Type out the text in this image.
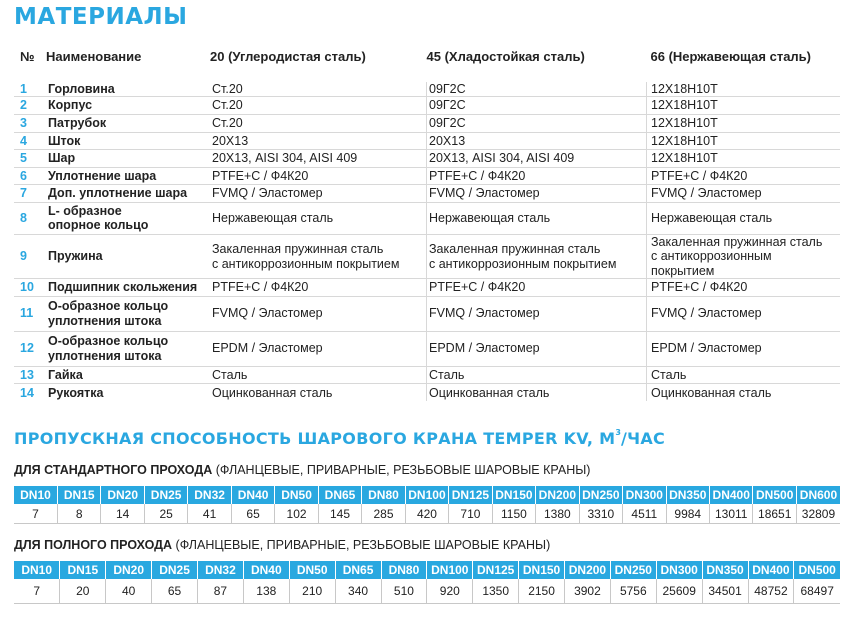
МАТЕРИАЛЫ
№	Наименование	20 (Углеродистая сталь)	45 (Хладостойкая сталь)	66 (Нержавеющая сталь)
1	Горловина	Ст.20	09Г2С	12Х18Н10Т
2	Корпус	Ст.20	09Г2С	12Х18Н10Т
3	Патрубок	Ст.20	09Г2С	12Х18Н10Т
4	Шток	20Х13	20Х13	12Х18Н10Т
5	Шар	20Х13, AISI 304, AISI 409	20Х13, AISI 304, AISI 409	12Х18Н10Т
6	Уплотнение шара	PTFE+C / Ф4К20	PTFE+C / Ф4К20	PTFE+C / Ф4К20
7	Доп. уплотнение шара	FVMQ / Эластомер	FVMQ / Эластомер	FVMQ / Эластомер
8	L- образное
опорное кольцо	Нержавеющая сталь	Нержавеющая сталь	Нержавеющая сталь
9	Пружина	Закаленная пружинная сталь
с антикоррозионным покрытием	Закаленная пружинная сталь
с антикоррозионным покрытием	Закаленная пружинная сталь
с антикоррозионным покрытием
10	Подшипник скольжения	PTFE+C / Ф4К20	PTFE+C / Ф4К20	PTFE+C / Ф4К20
11	О-образное кольцо
уплотнения штока	FVMQ / Эластомер	FVMQ / Эластомер	FVMQ / Эластомер
12	О-образное кольцо
уплотнения штока	EPDM / Эластомер	EPDM / Эластомер	EPDM / Эластомер
13	Гайка	Сталь	Сталь	Сталь
14	Рукоятка	Оцинкованная сталь	Оцинкованная сталь	Оцинкованная сталь
ПРОПУСКНАЯ СПОСОБНОСТЬ ШАРОВОГО КРАНА TEMPER KV, $М^3$/ЧАС
ДЛЯ СТАНДАРТНОГО ПРОХОДА (ФЛАНЦЕВЫЕ, ПРИВАРНЫЕ, РЕЗЬБОВЫЕ ШАРОВЫЕ КРАНЫ)
DN10	DN15	DN20	DN25	DN32	DN40	DN50	DN65	DN80	DN100	DN125	DN150	DN200	DN250	DN300	DN350	DN400	DN500	DN600
7	8	14	25	41	65	102	145	285	420	710	1150	1380	3310	4511	9984	13011	18651	32809
ДЛЯ ПОЛНОГО ПРОХОДА (ФЛАНЦЕВЫЕ, ПРИВАРНЫЕ, РЕЗЬБОВЫЕ ШАРОВЫЕ КРАНЫ)
DN10	DN15	DN20	DN25	DN32	DN40	DN50	DN65	DN80	DN100	DN125	DN150	DN200	DN250	DN300	DN350	DN400	DN500
7	20	40	65	87	138	210	340	510	920	1350	2150	3902	5756	25609	34501	48752	68497
